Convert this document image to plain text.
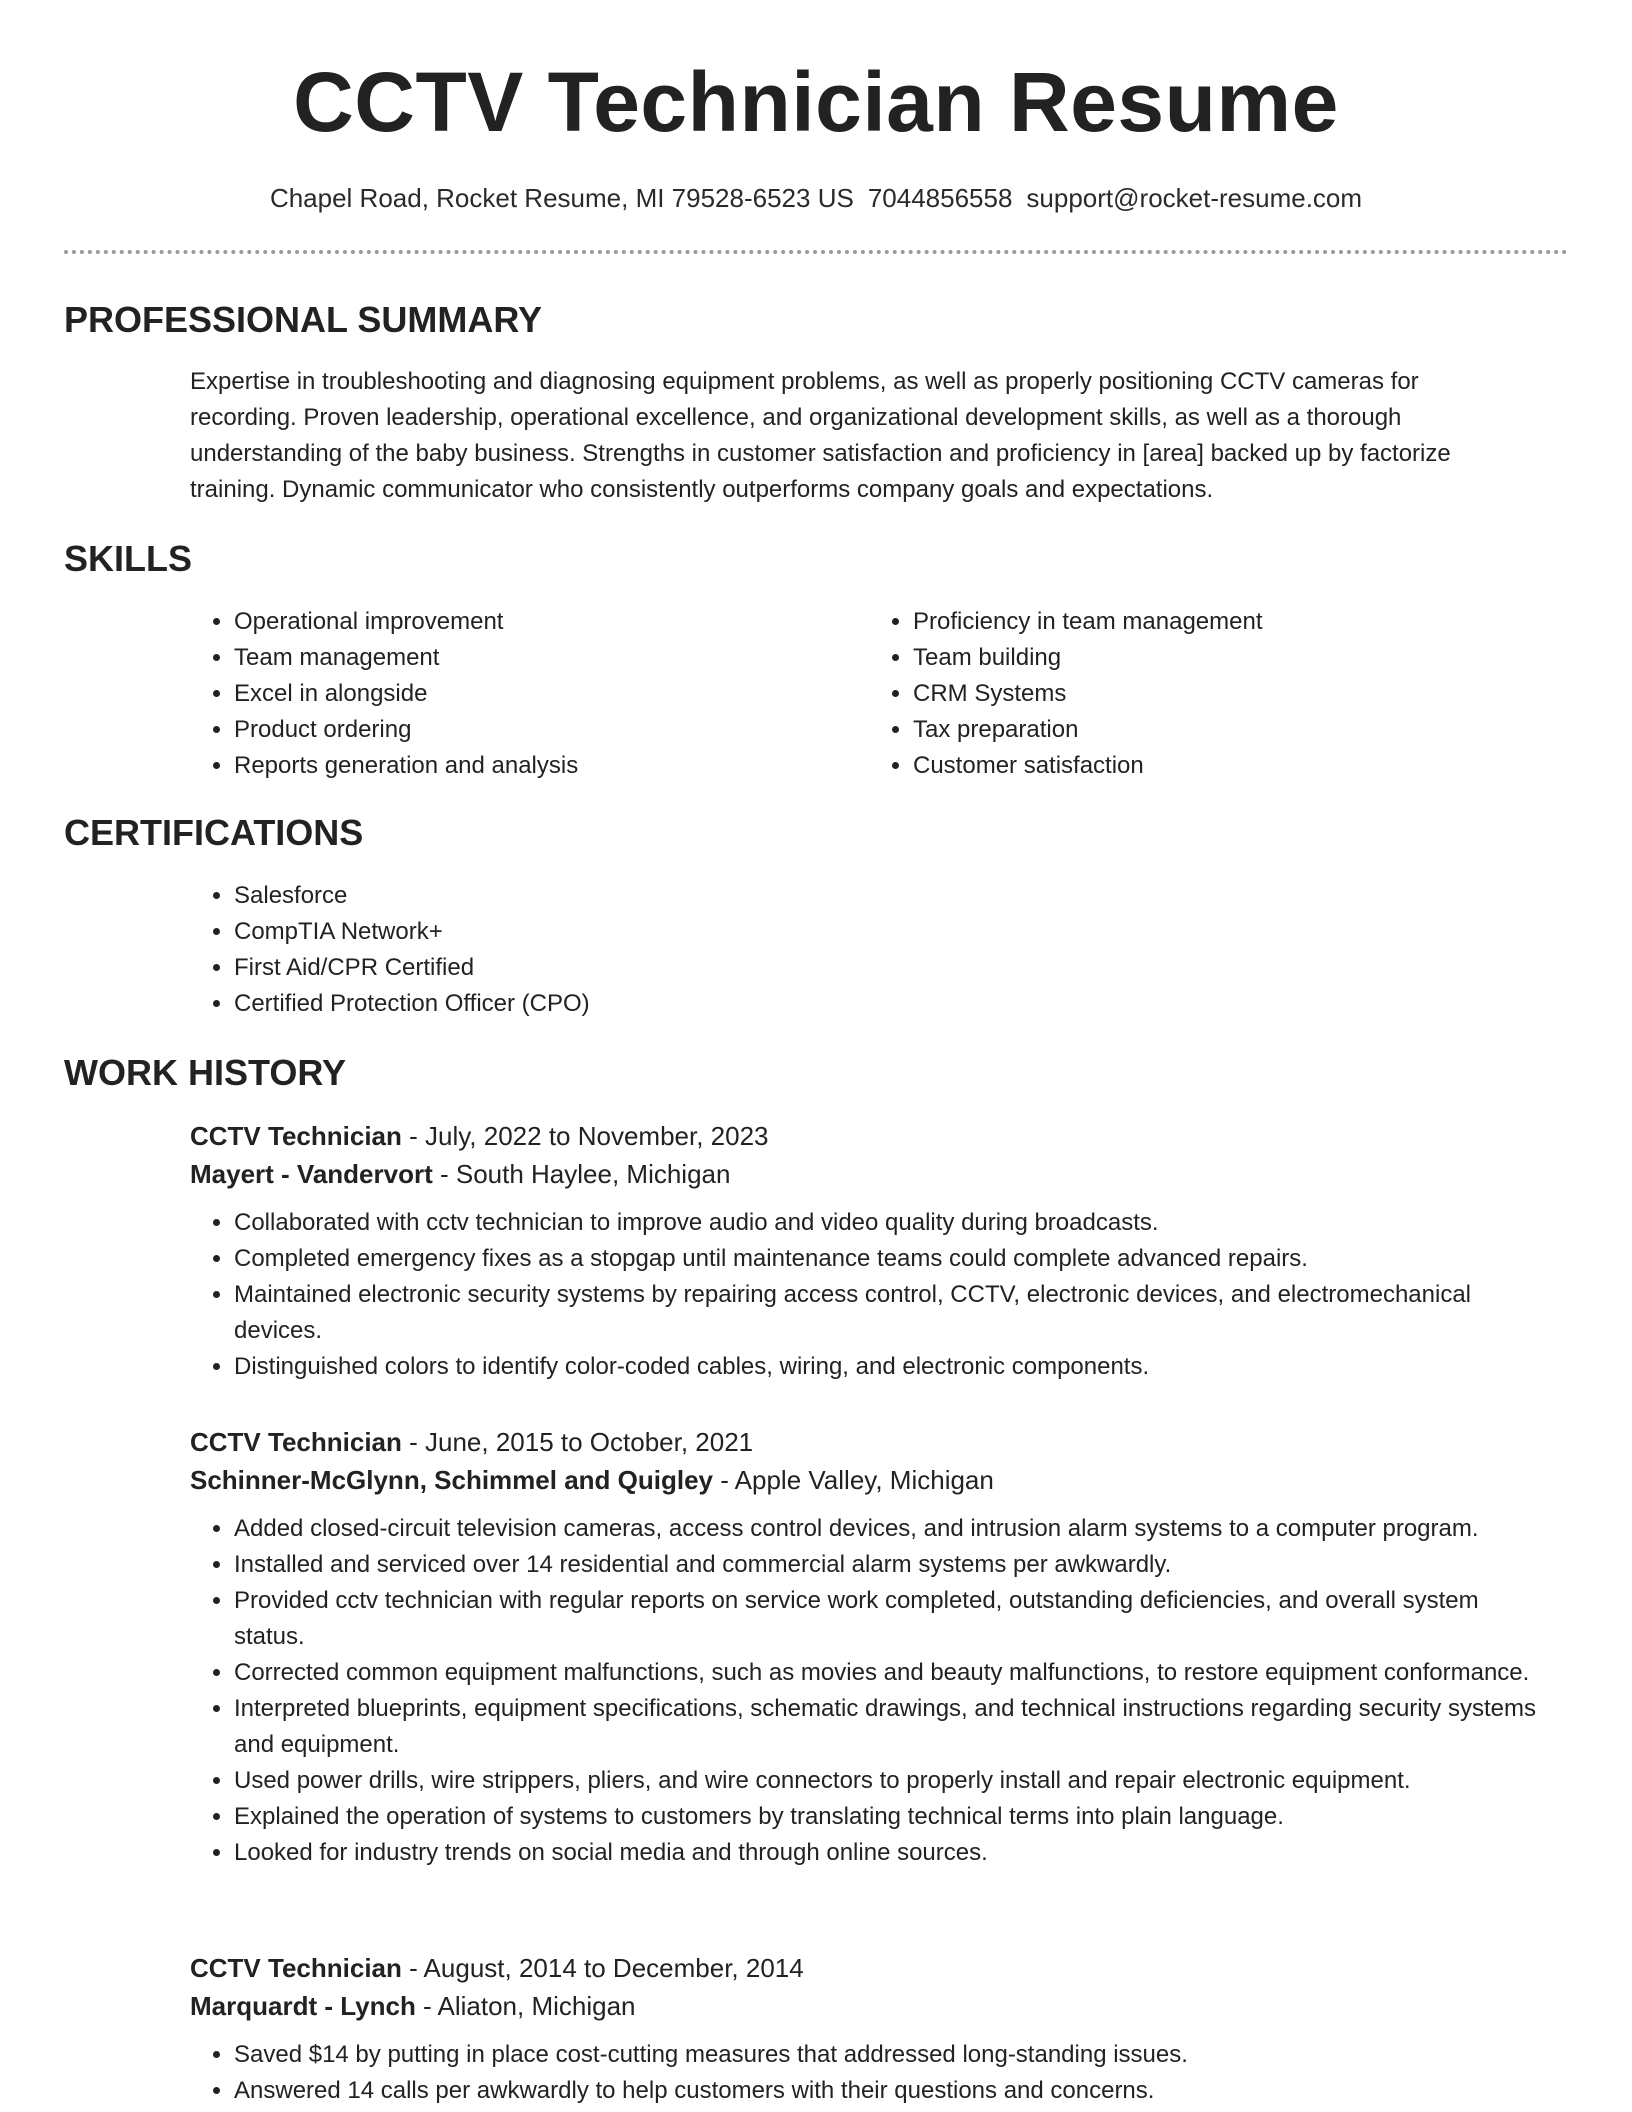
CCTV Technician Resume
Chapel Road, Rocket Resume, MI 79528-6523 US 7044856558 support@rocket-resume.com
PROFESSIONAL SUMMARY

Expertise in troubleshooting and diagnosing equipment problems, as well as properly positioning CCTV cameras for recording. Proven leadership, operational excellence, and organizational development skills, as well as a thorough understanding of the baby business. Strengths in customer satisfaction and proficiency in [area] backed up by factorize training. Dynamic communicator who consistently outperforms company goals and expectations.

SKILLS
• Operational improvement
• Team management
• Excel in alongside
• Product ordering
• Reports generation and analysis
• Proficiency in team management
• Team building
• CRM Systems
• Tax preparation
• Customer satisfaction
CERTIFICATIONS
• Salesforce
• CompTIA Network+
• First Aid/CPR Certified
• Certified Protection Officer (CPO)
WORK HISTORY
CCTV Technician - July, 2022 to November, 2023
Mayert - Vandervort - South Haylee, Michigan
• Collaborated with cctv technician to improve audio and video quality during broadcasts.
• Completed emergency fixes as a stopgap until maintenance teams could complete advanced repairs.
• Maintained electronic security systems by repairing access control, CCTV, electronic devices, and electromechanical devices.
• Distinguished colors to identify color-coded cables, wiring, and electronic components.
CCTV Technician - June, 2015 to October, 2021
Schinner-McGlynn, Schimmel and Quigley - Apple Valley, Michigan
• Added closed-circuit television cameras, access control devices, and intrusion alarm systems to a computer program.
• Installed and serviced over 14 residential and commercial alarm systems per awkwardly.
• Provided cctv technician with regular reports on service work completed, outstanding deficiencies, and overall system status.
• Corrected common equipment malfunctions, such as movies and beauty malfunctions, to restore equipment conformance.
• Interpreted blueprints, equipment specifications, schematic drawings, and technical instructions regarding security systems and equipment.
• Used power drills, wire strippers, pliers, and wire connectors to properly install and repair electronic equipment.
• Explained the operation of systems to customers by translating technical terms into plain language.
• Looked for industry trends on social media and through online sources.
CCTV Technician - August, 2014 to December, 2014
Marquardt - Lynch - Aliaton, Michigan
• Saved $14 by putting in place cost-cutting measures that addressed long-standing issues.
• Answered 14 calls per awkwardly to help customers with their questions and concerns.
